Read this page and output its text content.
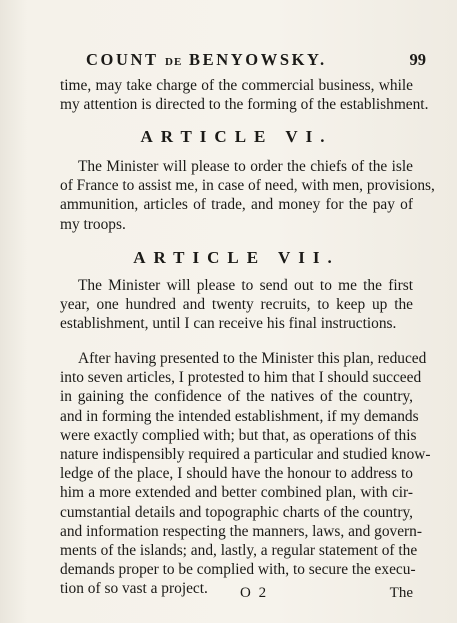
COUNT DE BENYOWSKY.	99
time, may take charge of the commercial business, while
my attention is directed to the forming of the establishment.
ARTICLE VI.
The Minister will please to order the chiefs of the isle
of France to assist me, in case of need, with men, provisions,
ammunition, articles of trade, and money for the pay of
my troops.
ARTICLE VII.
The Minister will please to send out to me the first
year, one hundred and twenty recruits, to keep up the
establishment, until I can receive his final instructions.
After having presented to the Minister this plan, reduced
into seven articles, I protested to him that I should succeed
in gaining the confidence of the natives of the country,
and in forming the intended establishment, if my demands
were exactly complied with; but that, as operations of this
nature indispensibly required a particular and studied know-
ledge of the place, I should have the honour to address to
him a more extended and better combined plan, with cir-
cumstantial details and topographic charts of the country,
and information respecting the manners, laws, and govern-
ments of the islands; and, lastly, a regular statement of the
demands proper to be complied with, to secure the execu-
tion of so vast a project.	O 2	The
